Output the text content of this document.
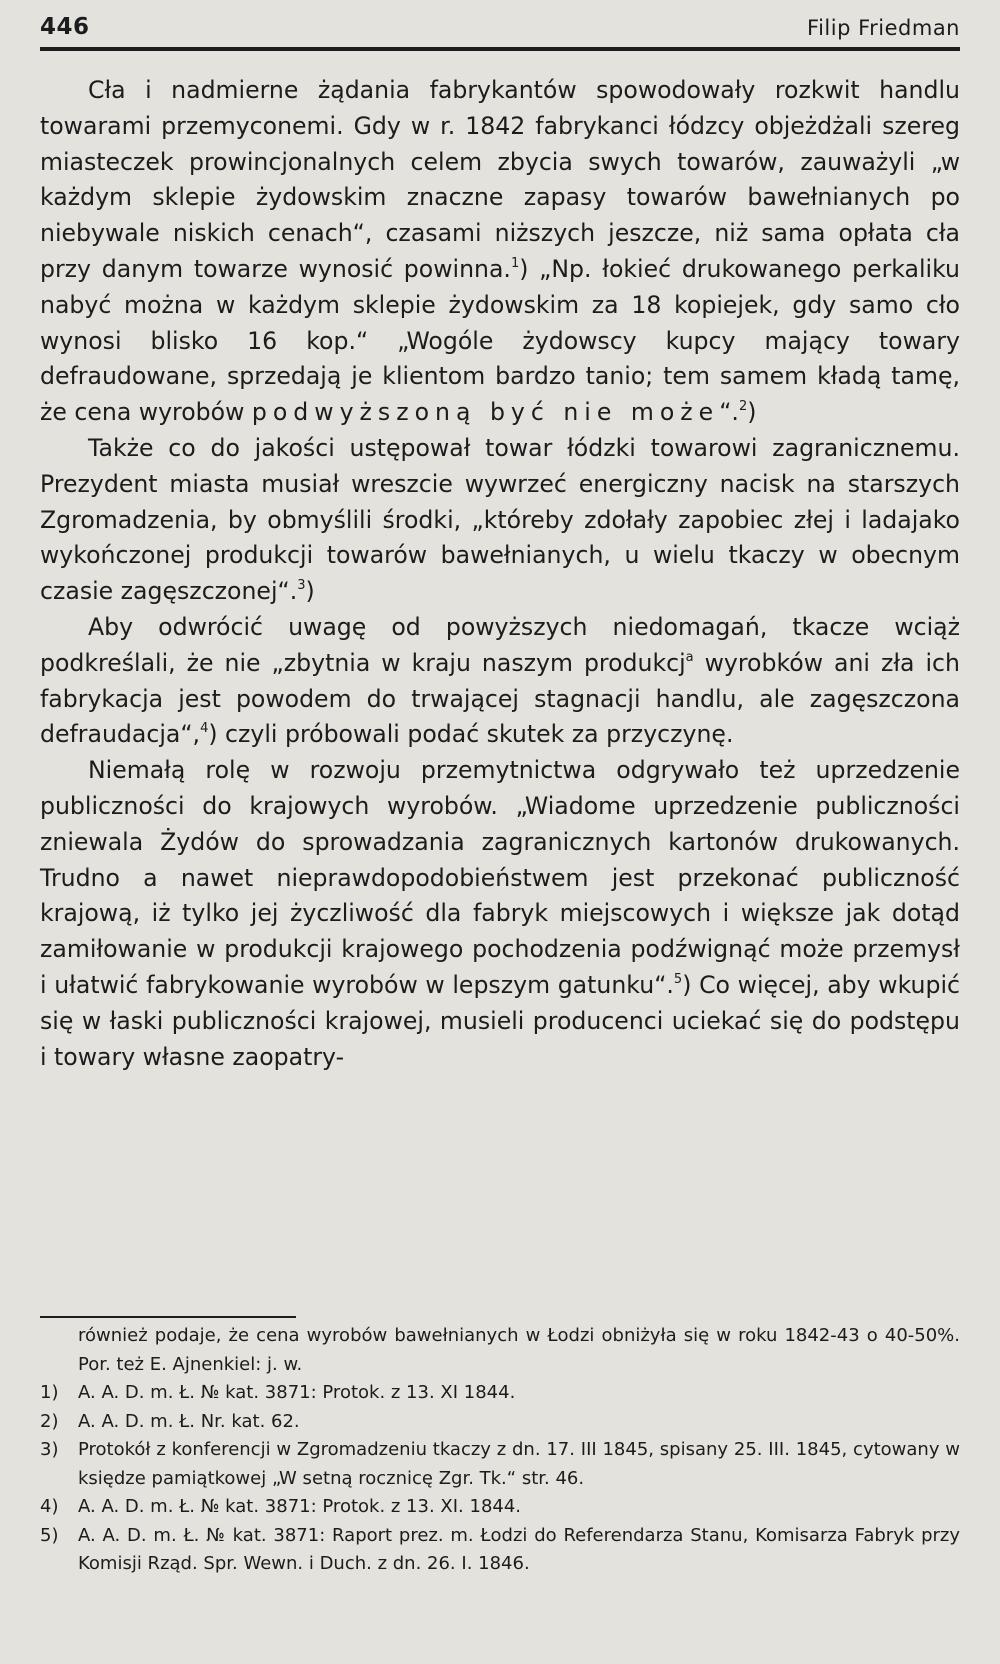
446	Filip Friedman

Cła i nadmierne żądania fabrykantów spowodowały rozkwit handlu towarami przemyconemi. Gdy w r. 1842 fabrykanci łódzcy objeżdżali szereg miasteczek prowincjonalnych celem zbycia swych towarów, zauważyli „w każdym sklepie żydowskim znaczne zapasy towarów bawełnianych po niebywale niskich cenach“, czasami niższych jeszcze, niż sama opłata cła przy danym towarze wynosić powinna.$^1$) „Np. łokieć drukowanego perkaliku nabyć można w każdym sklepie żydowskim za 18 kopiejek, gdy samo cło wynosi blisko 16 kop.“ „Wogóle żydowscy kupcy mający towary defraudowane, sprzedają je klientom bardzo tanio; tem samem kładą tamę, że cena wyrobów podwyższoną być nie może“.$^2$)

Także co do jakości ustępował towar łódzki towarowi zagranicznemu. Prezydent miasta musiał wreszcie wywrzeć energiczny nacisk na starszych Zgromadzenia, by obmyślili środki, „któreby zdołały zapobiec złej i ladajako wykończonej produkcji towarów bawełnianych, u wielu tkaczy w obecnym czasie zagęszczonej“.$^3$)

Aby odwrócić uwagę od powyższych niedomagań, tkacze wciąż podkreślali, że nie „zbytnia w kraju naszym produkcj$^a$ wyrobków ani zła ich fabrykacja jest powodem do trwającej stagnacji handlu, ale zagęszczona defraudacja“,$^4$) czyli próbowali podać skutek za przyczynę.

Niemałą rolę w rozwoju przemytnictwa odgrywało też uprzedzenie publiczności do krajowych wyrobów. „Wiadome uprzedzenie publiczności zniewala Żydów do sprowadzania zagranicznych kartonów drukowanych. Trudno a nawet nieprawdopodobieństwem jest przekonać publiczność krajową, iż tylko jej życzliwość dla fabryk miejscowych i większe jak dotąd zamiłowanie w produkcji krajowego pochodzenia podźwignąć może przemysł i ułatwić fabrykowanie wyrobów w lepszym gatunku“.$^5$) Co więcej, aby wkupić się w łaski publiczności krajowej, musieli producenci uciekać się do podstępu i towary własne zaopatry-

również podaje, że cena wyrobów bawełnianych w Łodzi obniżyła się w roku 1842-43 o 40-50%. Por. też E. Ajnenkiel: j. w.
1) A. A. D. m. Ł. № kat. 3871: Protok. z 13. XI 1844.
2) A. A. D. m. Ł. Nr. kat. 62.
3) Protokół z konferencji w Zgromadzeniu tkaczy z dn. 17. III 1845, spisany 25. III. 1845, cytowany w księdze pamiątkowej „W setną rocznicę Zgr. Tk.“ str. 46.
4) A. A. D. m. Ł. № kat. 3871: Protok. z 13. XI. 1844.
5) A. A. D. m. Ł. № kat. 3871: Raport prez. m. Łodzi do Referendarza Stanu, Komisarza Fabryk przy Komisji Rząd. Spr. Wewn. i Duch. z dn. 26. I. 1846.
